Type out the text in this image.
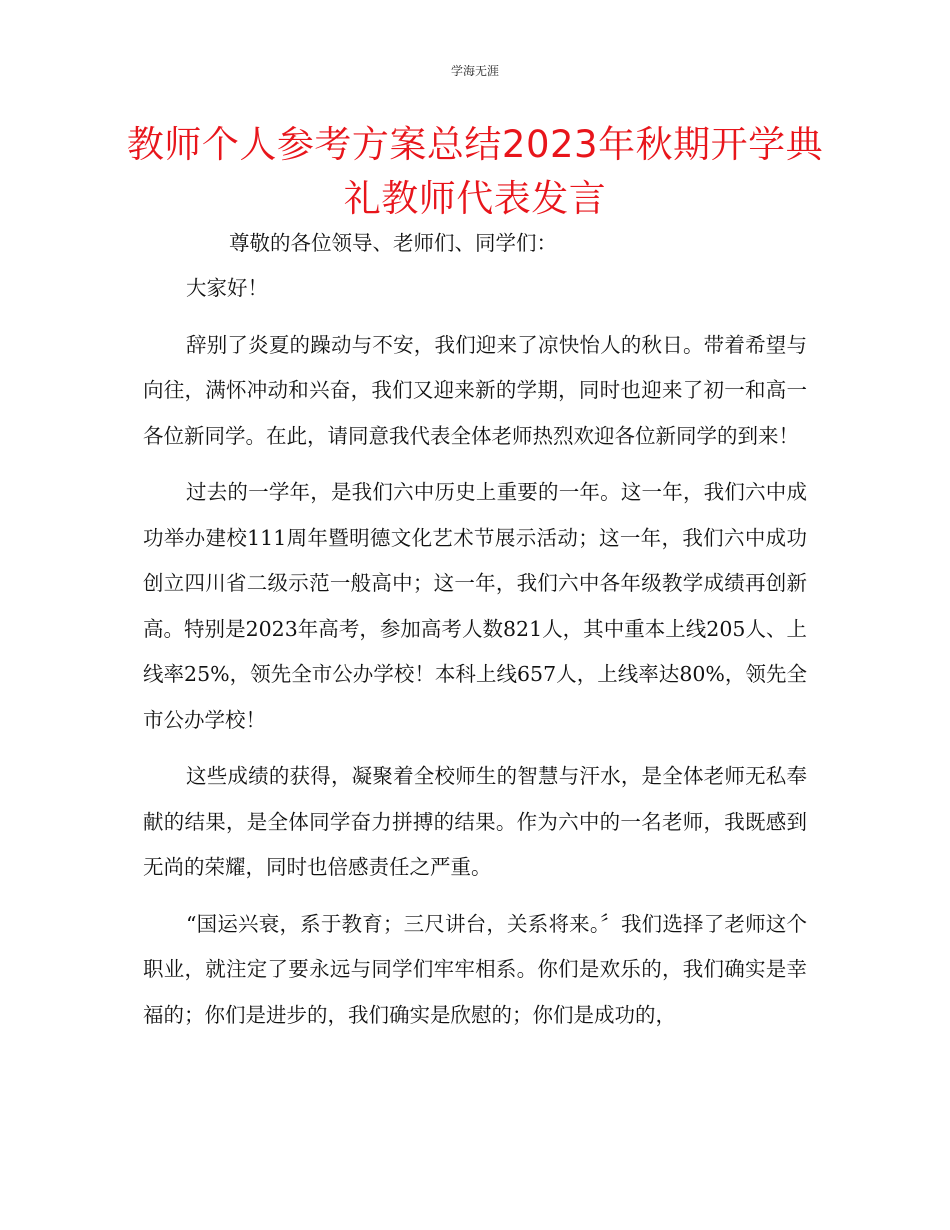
学海无涯
教师个人参考方案总结2023年秋期开学典礼教师代表发言
尊敬的各位领导、老师们、同学们：

大家好！

辞别了炎夏的躁动与不安，我们迎来了凉快怡人的秋日。带着希望与向往，满怀冲动和兴奋，我们又迎来新的学期，同时也迎来了初一和高一各位新同学。在此，请同意我代表全体老师热烈欢迎各位新同学的到来！

过去的一学年，是我们六中历史上重要的一年。这一年，我们六中成功举办建校111周年暨明德文化艺术节展示活动；这一年，我们六中成功创立四川省二级示范一般高中；这一年，我们六中各年级教学成绩再创新高。特别是2023年高考，参加高考人数821人，其中重本上线205人、上线率25%，领先全市公办学校！本科上线657人，上线率达80%，领先全市公办学校！

这些成绩的获得，凝聚着全校师生的智慧与汗水，是全体老师无私奉献的结果，是全体同学奋力拼搏的结果。作为六中的一名老师，我既感到无尚的荣耀，同时也倍感责任之严重。

“国运兴衰，系于教育；三尺讲台，关系将来。〞我们选择了老师这个职业，就注定了要永远与同学们牢牢相系。你们是欢乐的，我们确实是幸福的；你们是进步的，我们确实是欣慰的；你们是成功的，
